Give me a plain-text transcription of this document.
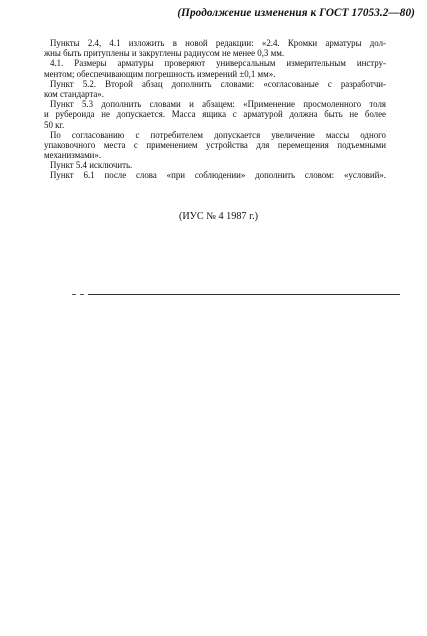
(Продолжение изменения к ГОСТ 17053.2—80)
Пункты 2.4, 4.1 изложить в новой редакции: «2.4. Кромки арматуры дол-
жны быть притуплены и закруглены радиусом не менее 0,3 мм.
4.1. Размеры арматуры проверяют универсальным измерительным инстру-
ментом; обеспечивающим погрешность измерений ±0,1 мм».
Пункт 5.2. Второй абзац дополнить словами: «согласованые с разработчи-
ком стандарта».
Пункт 5.3 дополнить словами и абзацем: «Применение просмоленного толя
и рубероида не допускается. Масса ящика с арматурой должна быть не более
50 кг.
По согласованию с потребителем допускается увеличение массы одного
упаковочного места с применением устройства для перемещения подъемными
механизмами».
Пункт 5.4 исключить.
Пункт 6.1 после слова «при соблюдении» дополнить словом: «условий».
(ИУС № 4 1987 г.)
